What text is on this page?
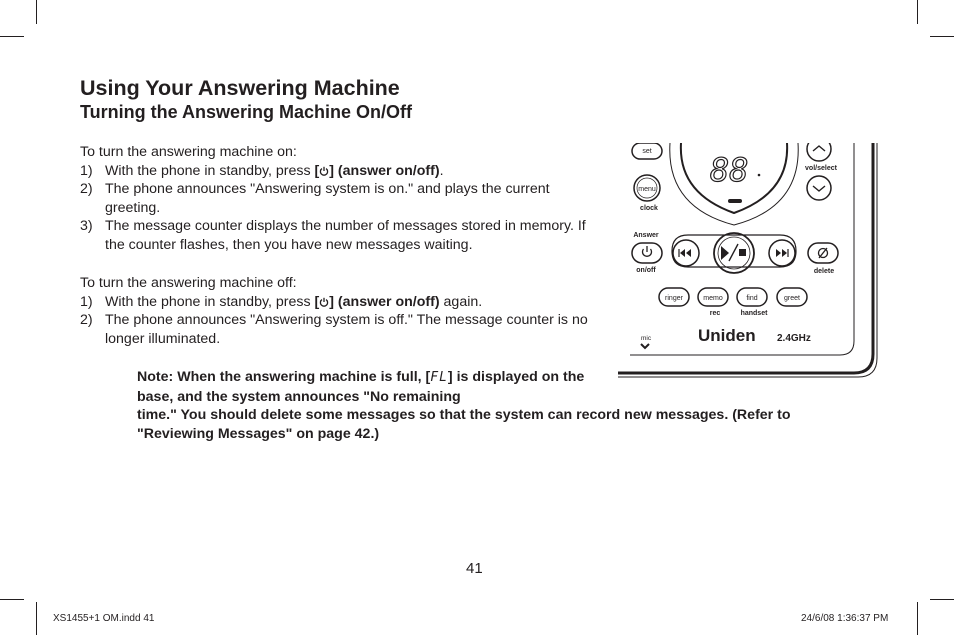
Using Your Answering Machine
Turning the Answering Machine On/Off
To turn the answering machine on:
1) With the phone in standby, press [ ] (answer on/off).
2) The phone announces "Answering system is on." and plays the current greeting.
3) The message counter displays the number of messages stored in memory. If the counter flashes, then you have new messages waiting.
To turn the answering machine off:
1) With the phone in standby, press [ ] (answer on/off) again.
2) The phone announces "Answering system is off." The message counter is no longer illuminated.
Note: When the answering machine is full, [FL] is displayed on the base, and the system announces "No remaining
time." You should delete some messages so that the system can record new messages. (Refer to "Reviewing Messages" on page 42.)
88
set
menu
clock
Answer
on/off
vol/select
delete
ringer	memo
rec
find
handset
greet
mic	Uniden 2.4GHz
41
XS1455+1 OM.indd 41	24/6/08 1:36:37 PM
